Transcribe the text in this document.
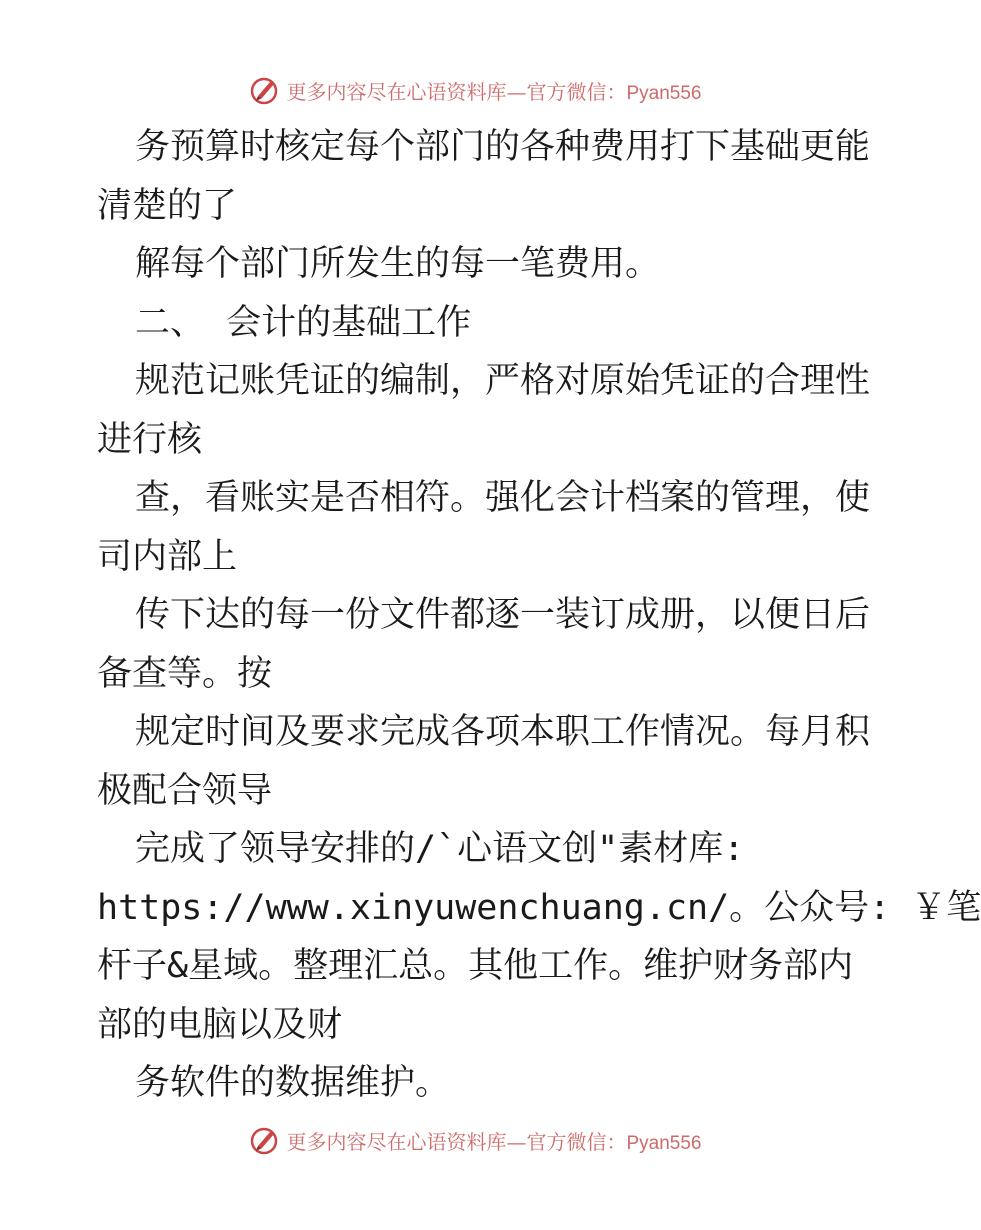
更多内容尽在心语资料库—官方微信：Pyan556
务预算时核定每个部门的各种费用打下基础更能
清楚的了
解每个部门所发生的每一笔费用。
二、 会计的基础工作
规范记账凭证的编制，严格对原始凭证的合理性
进行核
查，看账实是否相符。强化会计档案的管理，使
司内部上
传下达的每一份文件都逐一装订成册，以便日后
备查等。按
规定时间及要求完成各项本职工作情况。每月积
极配合领导
完成了领导安排的/`心语文创"素材库:
https://www.xinyuwenchuang.cn/。公众号: ￥笔
杆子&星域。整理汇总。其他工作。维护财务部内
部的电脑以及财
务软件的数据维护。
更多内容尽在心语资料库—官方微信：Pyan556
